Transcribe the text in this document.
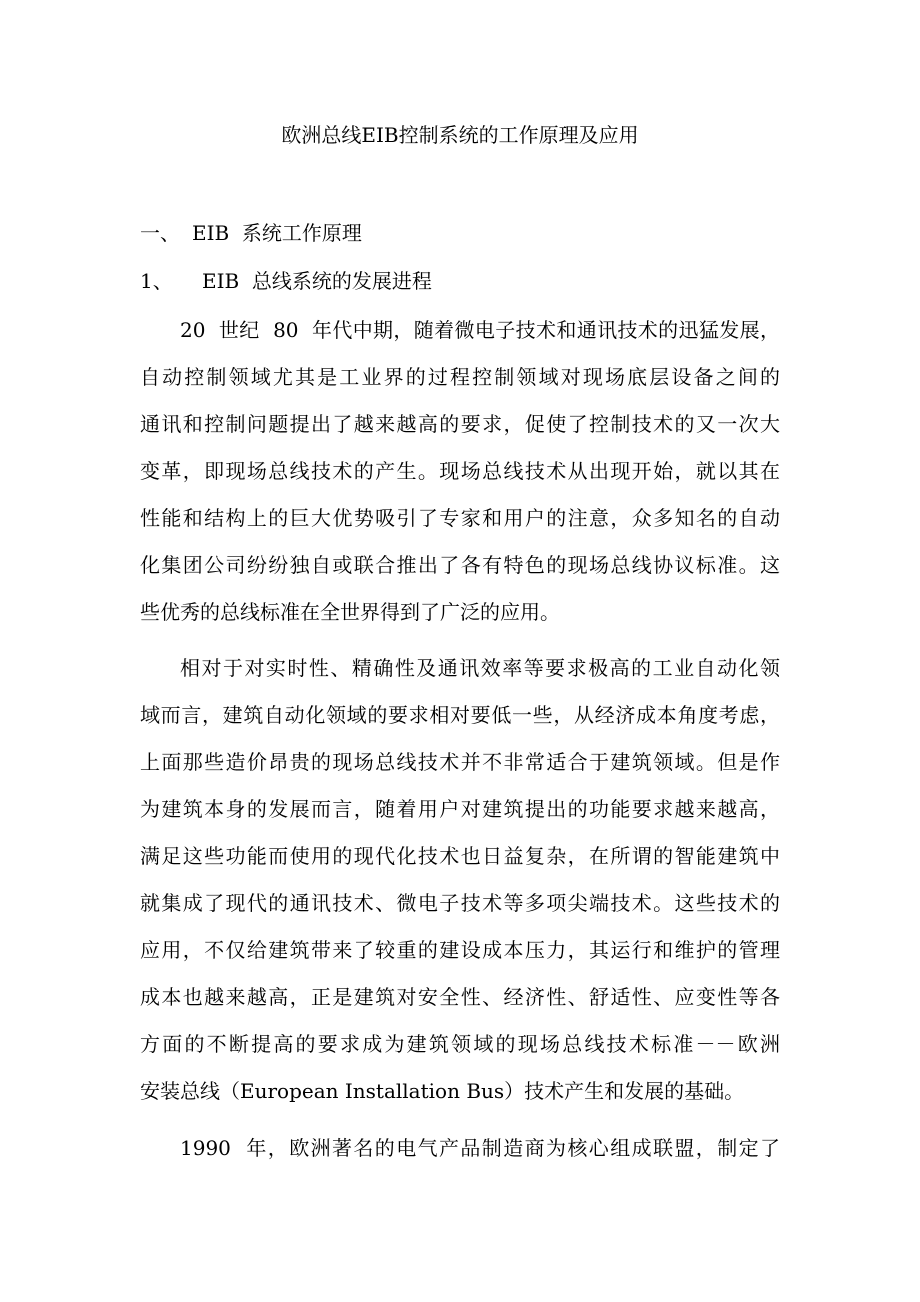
欧洲总线EIB控制系统的工作原理及应用
一、 EIB  系统工作原理
1、 EIB  总线系统的发展进程
20  世纪  80  年代中期，随着微电子技术和通讯技术的迅猛发展，
自动控制领域尤其是工业界的过程控制领域对现场底层设备之间的
通讯和控制问题提出了越来越高的要求，促使了控制技术的又一次大
变革，即现场总线技术的产生。现场总线技术从出现开始，就以其在
性能和结构上的巨大优势吸引了专家和用户的注意，众多知名的自动
化集团公司纷纷独自或联合推出了各有特色的现场总线协议标准。这
些优秀的总线标准在全世界得到了广泛的应用。
相对于对实时性、精确性及通讯效率等要求极高的工业自动化领
域而言，建筑自动化领域的要求相对要低一些，从经济成本角度考虑，
上面那些造价昂贵的现场总线技术并不非常适合于建筑领域。但是作
为建筑本身的发展而言，随着用户对建筑提出的功能要求越来越高，
满足这些功能而使用的现代化技术也日益复杂，在所谓的智能建筑中
就集成了现代的通讯技术、微电子技术等多项尖端技术。这些技术的
应用，不仅给建筑带来了较重的建设成本压力，其运行和维护的管理
成本也越来越高，正是建筑对安全性、经济性、舒适性、应变性等各
方面的不断提高的要求成为建筑领域的现场总线技术标准－－欧洲
安装总线（European Installation Bus）技术产生和发展的基础。
1990  年，欧洲著名的电气产品制造商为核心组成联盟，制定了
